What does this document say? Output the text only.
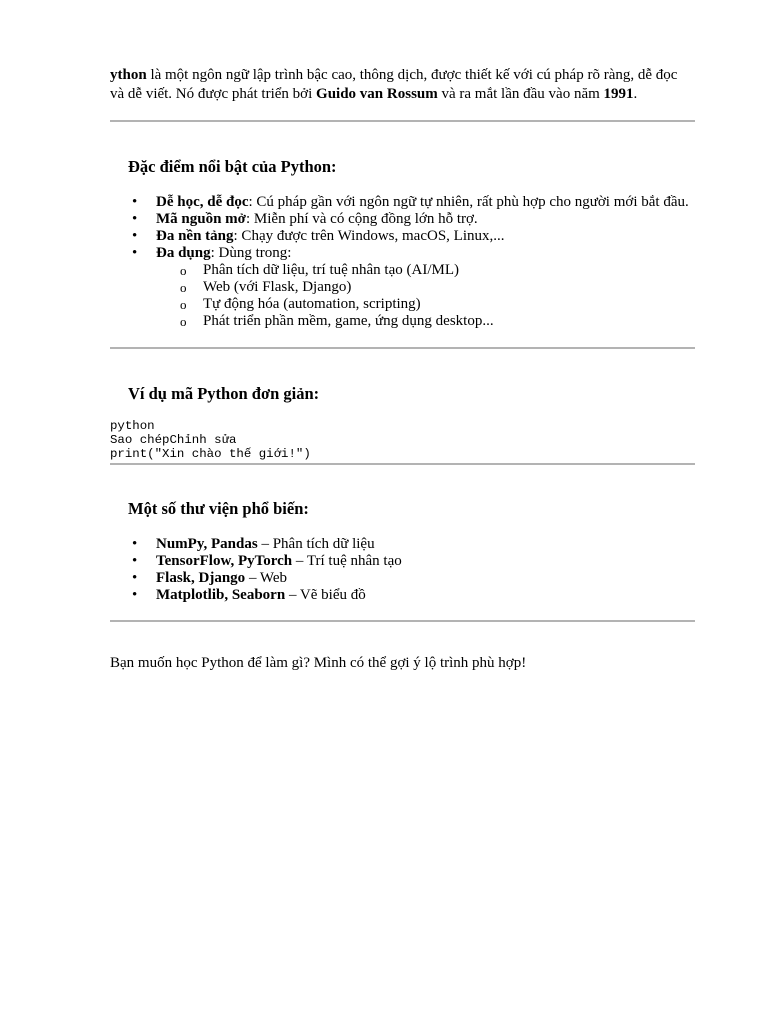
ython là một ngôn ngữ lập trình bậc cao, thông dịch, được thiết kế với cú pháp rõ ràng, dễ đọc và dễ viết. Nó được phát triển bởi Guido van Rossum và ra mắt lần đầu vào năm 1991.

Đặc điểm nổi bật của Python:
• Dễ học, dễ đọc: Cú pháp gần với ngôn ngữ tự nhiên, rất phù hợp cho người mới bắt đầu.
• Mã nguồn mở: Miễn phí và có cộng đồng lớn hỗ trợ.
• Đa nền tảng: Chạy được trên Windows, macOS, Linux,...
• Đa dụng: Dùng trong:
o Phân tích dữ liệu, trí tuệ nhân tạo (AI/ML)
o Web (với Flask, Django)
o Tự động hóa (automation, scripting)
o Phát triển phần mềm, game, ứng dụng desktop...
Ví dụ mã Python đơn giản:
python
Sao chépChỉnh sửa
print("Xin chào thế giới!")
Một số thư viện phổ biến:
• NumPy, Pandas – Phân tích dữ liệu
• TensorFlow, PyTorch – Trí tuệ nhân tạo
• Flask, Django – Web
• Matplotlib, Seaborn – Vẽ biểu đồ

Bạn muốn học Python để làm gì? Mình có thể gợi ý lộ trình phù hợp!
